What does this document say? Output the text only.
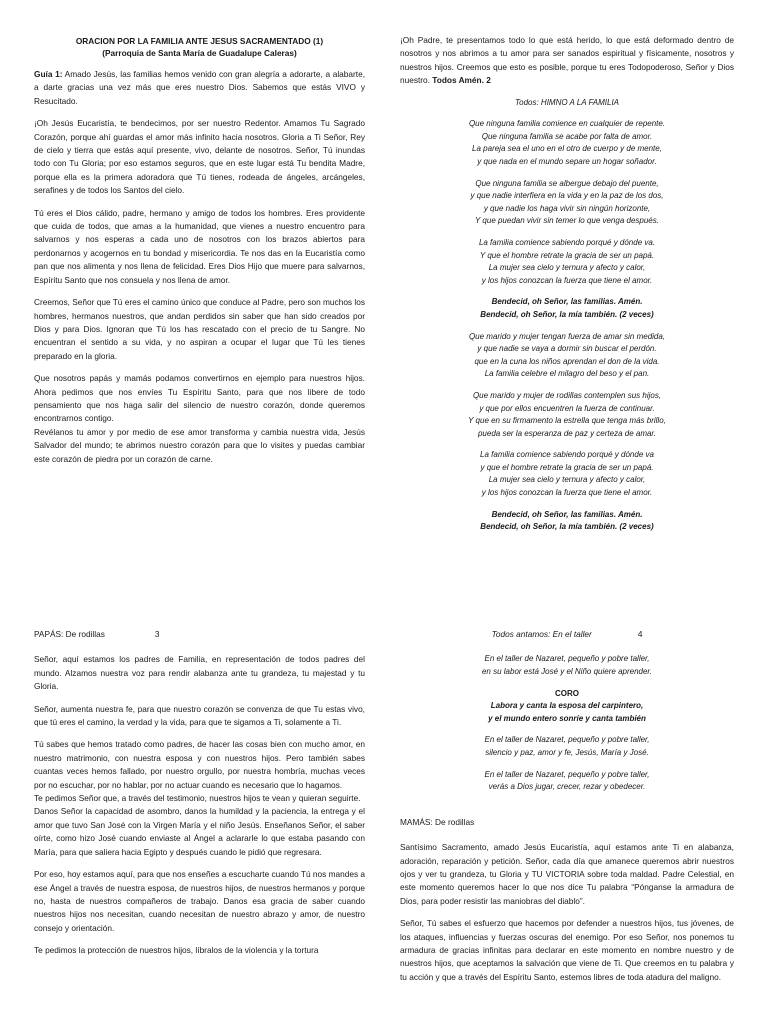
ORACION POR LA FAMILIA ANTE JESUS SACRAMENTADO (1)
(Parroquia de Santa María de Guadalupe Caleras)

Guía 1: Amado Jesús, las familias hemos venido con gran alegría a adorarte, a alabarte, a darte gracias una vez más que eres nuestro Dios. Sabemos que estás VIVO y Resucitado.

¡Oh Jesús Eucaristía, te bendecimos, por ser nuestro Redentor. Amamos Tu Sagrado Corazón, porque ahí guardas el amor más infinito hacia nosotros. Gloria a Ti Señor, Rey de cielo y tierra que estás aquí presente, vivo, delante de nosotros. Señor, Tú inundas todo con Tu Gloria; por eso estamos seguros, que en este lugar está Tu bendita Madre, porque ella es la primera adoradora que Tú tienes, rodeada de ángeles, arcángeles, serafines y de todos los Santos del cielo.

Tú eres el Dios cálido, padre, hermano y amigo de todos los hombres. Eres providente que cuida de todos, que amas a la humanidad, que vienes a nuestro encuentro para salvarnos y nos esperas a cada uno de nosotros con los brazos abiertos para perdonarnos y acogernos en tu bondad y misericordia. Te nos das en la Eucaristía como pan que nos alimenta y nos llena de felicidad. Eres Dios Hijo que muere para salvarnos, Espíritu Santo que nos consuela y nos llena de amor.

Creemos, Señor que Tú eres el camino único que conduce al Padre, pero son muchos los hombres, hermanos nuestros, que andan perdidos sin saber que han sido creados por Dios y para Dios. Ignoran que Tú los has rescatado con el precio de tu Sangre. No encuentran el sentido a su vida, y no aspiran a ocupar el lugar que Tú les tienes preparado en la gloria.

Que nosotros papás y mamás podamos convertirnos en ejemplo para nuestros hijos. Ahora pedimos que nos envíes Tu Espíritu Santo, para que nos libere de todo pensamiento que nos haga salir del silencio de nuestro corazón, donde queremos encontrarnos contigo.

Revélanos tu amor y por medio de ese amor transforma y cambia nuestra vida, Jesús Salvador del mundo; te abrimos nuestro corazón para que lo visites y puedas cambiar este corazón de piedra por un corazón de carne.

¡Oh Padre, te presentamos todo lo que está herido, lo que está deformado dentro de nosotros y nos abrimos a tu amor para ser sanados espiritual y físicamente, nosotros y nuestros hijos. Creemos que esto es posible, porque tu eres Todopoderoso, Señor y Dios nuestro. Todos Amén. 2

Todos: HIMNO A LA FAMILIA

Que ninguna familia comience en cualquier de repente.
Que ninguna familia se acabe por falta de amor.
La pareja sea el uno en el otro de cuerpo y de mente,
y que nada en el mundo separe un hogar soñador.

Que ninguna familia se albergue debajo del puente,
y que nadie interfiera en la vida y en la paz de los dos,
y que nadie los haga vivir sin ningún horizonte,
Y que puedan vivir sin temer lo que venga después.

La familia comience sabiendo porqué y dónde va.
Y que el hombre retrate la gracia de ser un papá.
La mujer sea cielo y ternura y afecto y calor,
y los hijos conozcan la fuerza que tiene el amor.

Bendecid, oh Señor, las familias. Amén.
Bendecid, oh Señor, la mía también. (2 veces)

Que marido y mujer tengan fuerza de amar sin medida,
y que nadie se vaya a dormir sin buscar el perdón.
que en la cuna los niños aprendan el don de la vida.
La familia celebre el milagro del beso y el pan.

Que marido y mujer de rodillas contemplen sus hijos,
y que por ellos encuentren la fuerza de continuar.
Y que en su firmamento la estrella que tenga más brillo,
pueda ser la esperanza de paz y certeza de amar.

La familia comience sabiendo porqué y dónde va
y que el hombre retrate la gracia de ser un papá.
La mujer sea cielo y ternura y afecto y calor,
y los hijos conozcan la fuerza que tiene el amor.

Bendecid, oh Señor, las familias. Amén.
Bendecid, oh Señor, la mía también. (2 veces)

PAPÁS: De rodillas	3

Señor, aquí estamos los padres de Familia, en representación de todos padres del mundo. Alzamos nuestra voz para rendir alabanza ante tu grandeza, tu majestad y tu Gloria.

Señor, aumenta nuestra fe, para que nuestro corazón se convenza de que Tu estas vivo, que tú eres el camino, la verdad y la vida, para que te sigamos a Ti, solamente a Ti.

Tú sabes que hemos tratado como padres, de hacer las cosas bien con mucho amor, en nuestro matrimonio, con nuestra esposa y con nuestros hijos. Pero también sabes cuantas veces hemos fallado, por nuestro orgullo, por nuestra hombría, muchas veces por no escuchar, por no hablar, por no actuar cuando es necesario que lo hagamos.

Te pedimos Señor que, a través del testimonio, nuestros hijos te vean y quieran seguirte.

Danos Señor la capacidad de asombro, danos la humildad y la paciencia, la entrega y el amor que tuvo San José con la Virgen María y el niño Jesús. Enseñanos Señor, el saber oírte, como hizo José cuando enviaste al Ángel a aclararle lo que estaba pasando con María, para que saliera hacia Egipto y después cuando le pidió que regresara.

Por eso, hoy estamos aquí, para que nos enseñes a escucharte cuando Tú nos mandes a ese Ángel a través de nuestra esposa, de nuestros hijos, de nuestros hermanos y porque no, hasta de nuestros compañeros de trabajo. Danos esa gracia de saber cuando nuestros hijos nos necesitan, cuando necesitan de nuestro abrazo y amor, de nuestro consejo y orientación.

Te pedimos la protección de nuestros hijos, líbralos de la violencia y la tortura

Todos antamos: En el taller	4

En el taller de Nazaret, pequeño y pobre taller,
en su labor está José y el Niño quiere aprender.

CORO

Labora y canta la esposa del carpintero,
y el mundo entero sonríe y canta también

En el taller de Nazaret, pequeño y pobre taller,
silencio y paz, amor y fe, Jesús, María y José.

En el taller de Nazaret, pequeño y pobre taller,
verás a Dios jugar, crecer, rezar y obedecer.

MAMÁS: De rodillas

Santísimo Sacramento, amado Jesús Eucaristía, aquí estamos ante Ti en alabanza, adoración, reparación y petición. Señor, cada día que amanece queremos abrir nuestros ojos y ver tu grandeza, tu Gloria y TU VICTORIA sobre toda maldad. Padre Celestial, en este momento queremos hacer lo que nos dice Tu palabra “Pónganse la armadura de Dios, para poder resistir las maniobras del diablo”.

Señor, Tú sabes el esfuerzo que hacemos por defender a nuestros hijos, tus jóvenes, de los ataques, influencias y fuerzas oscuras del enemigo. Por eso Señor, nos ponemos tu armadura de gracias infinitas para declarar en este momento en nombre nuestro y de nuestros hijos, que aceptamos la salvación que viene de Ti. Que creemos en tu palabra y tu acción y que a través del Espíritu Santo, estemos libres de toda atadura del maligno.
